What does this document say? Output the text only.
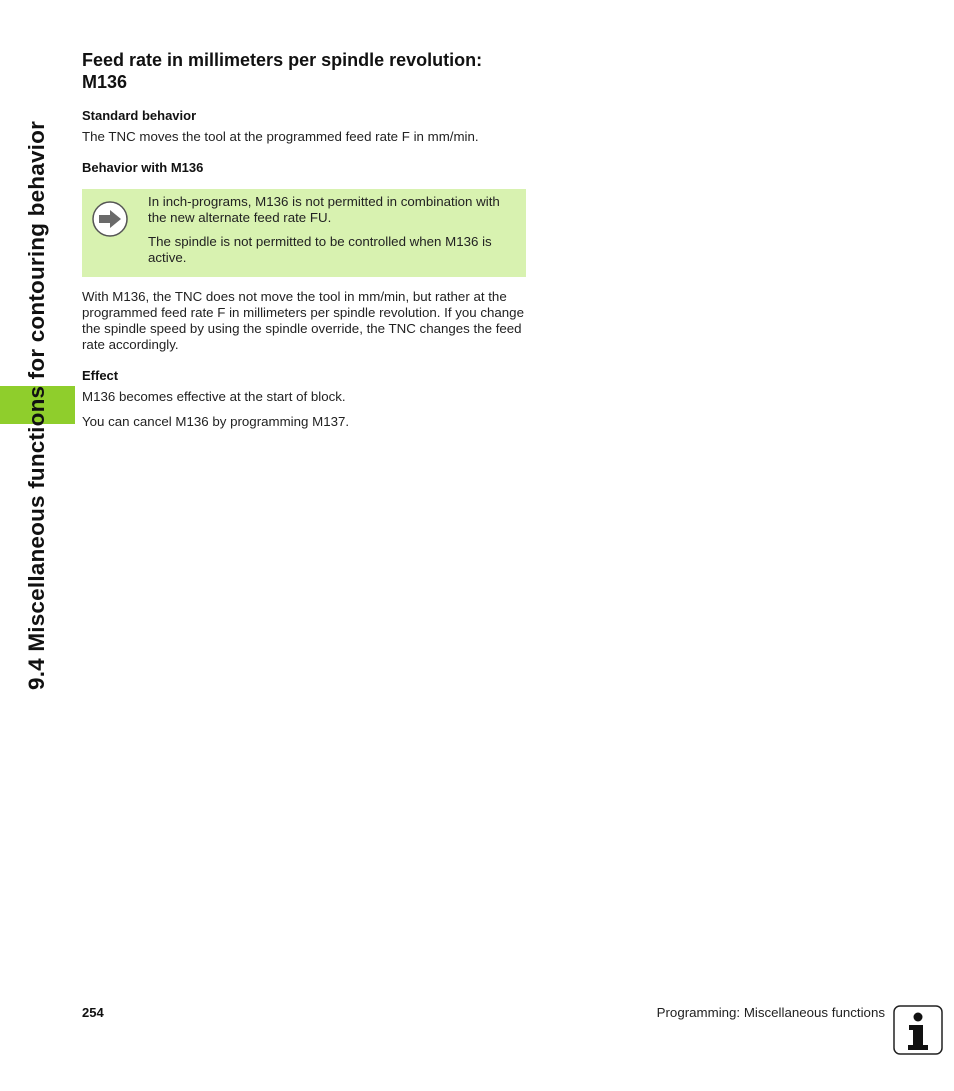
9.4 Miscellaneous functions for contouring behavior
Feed rate in millimeters per spindle revolution: M136
Standard behavior

The TNC moves the tool at the programmed feed rate F in mm/min.

Behavior with M136

In inch-programs, M136 is not permitted in combination with the new alternate feed rate FU.

The spindle is not permitted to be controlled when M136 is active.

With M136, the TNC does not move the tool in mm/min, but rather at the programmed feed rate F in millimeters per spindle revolution. If you change the spindle speed by using the spindle override, the TNC changes the feed rate accordingly.

Effect

M136 becomes effective at the start of block.

You can cancel M136 by programming M137.

254	Programming: Miscellaneous functions
